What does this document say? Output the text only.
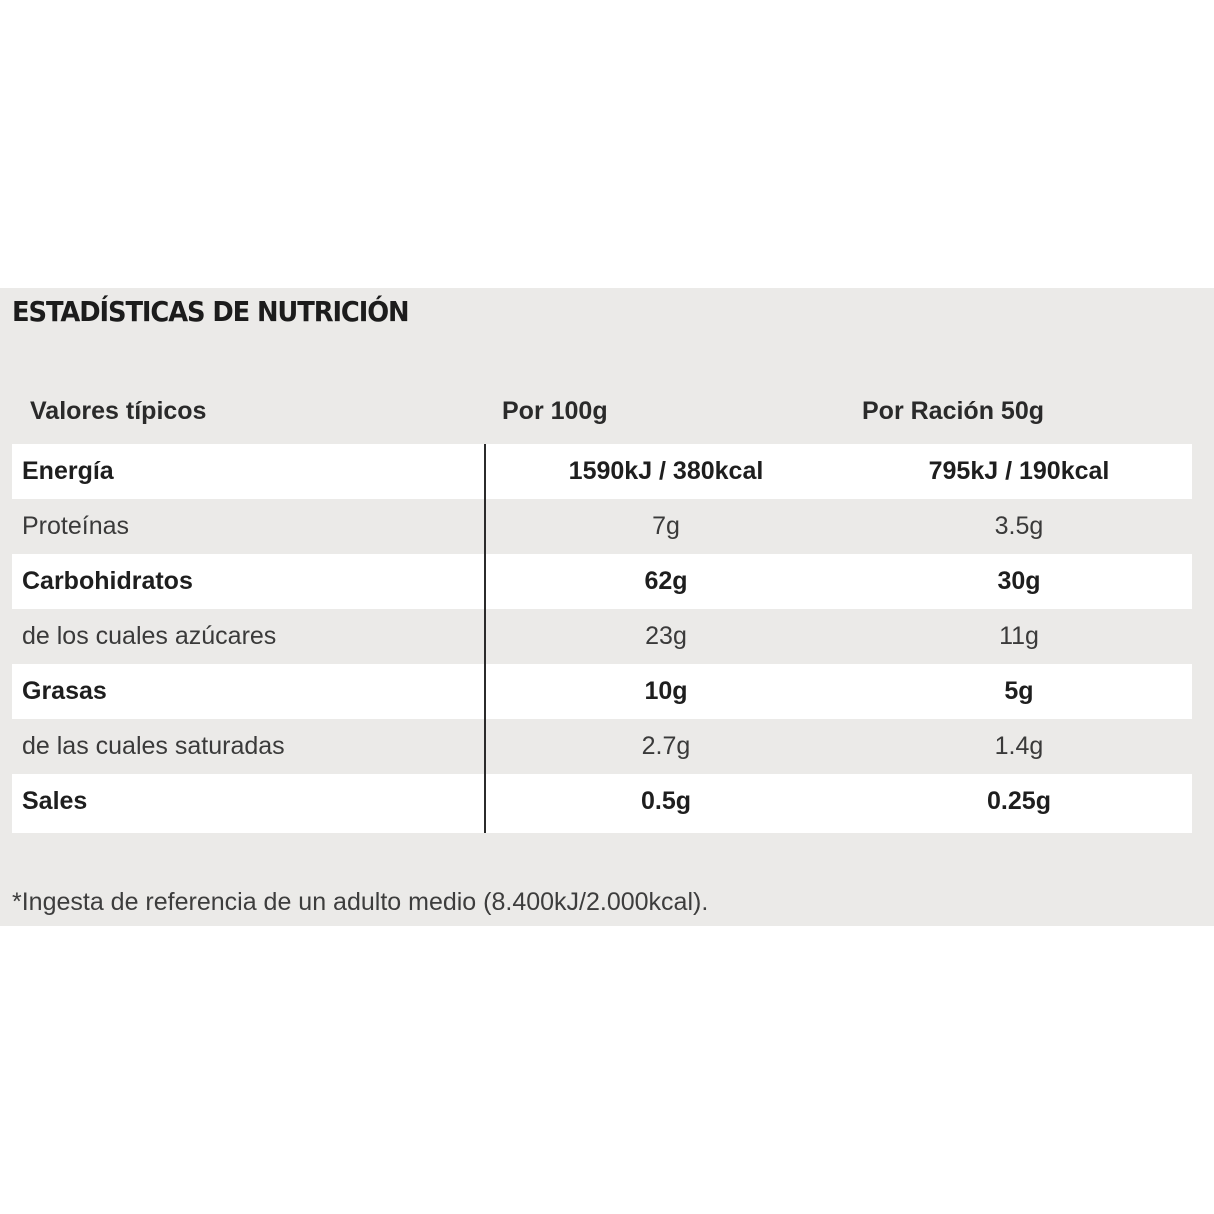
ESTADÍSTICAS DE NUTRICIÓN
Valores típicos	Por 100g	Por Ración 50g
Energía	1590kJ / 380kcal	795kJ / 190kcal
Proteínas	7g	3.5g
Carbohidratos	62g	30g
de los cuales azúcares	23g	11g
Grasas	10g	5g
de las cuales saturadas	2.7g	1.4g
Sales	0.5g	0.25g
*Ingesta de referencia de un adulto medio (8.400kJ/2.000kcal).
